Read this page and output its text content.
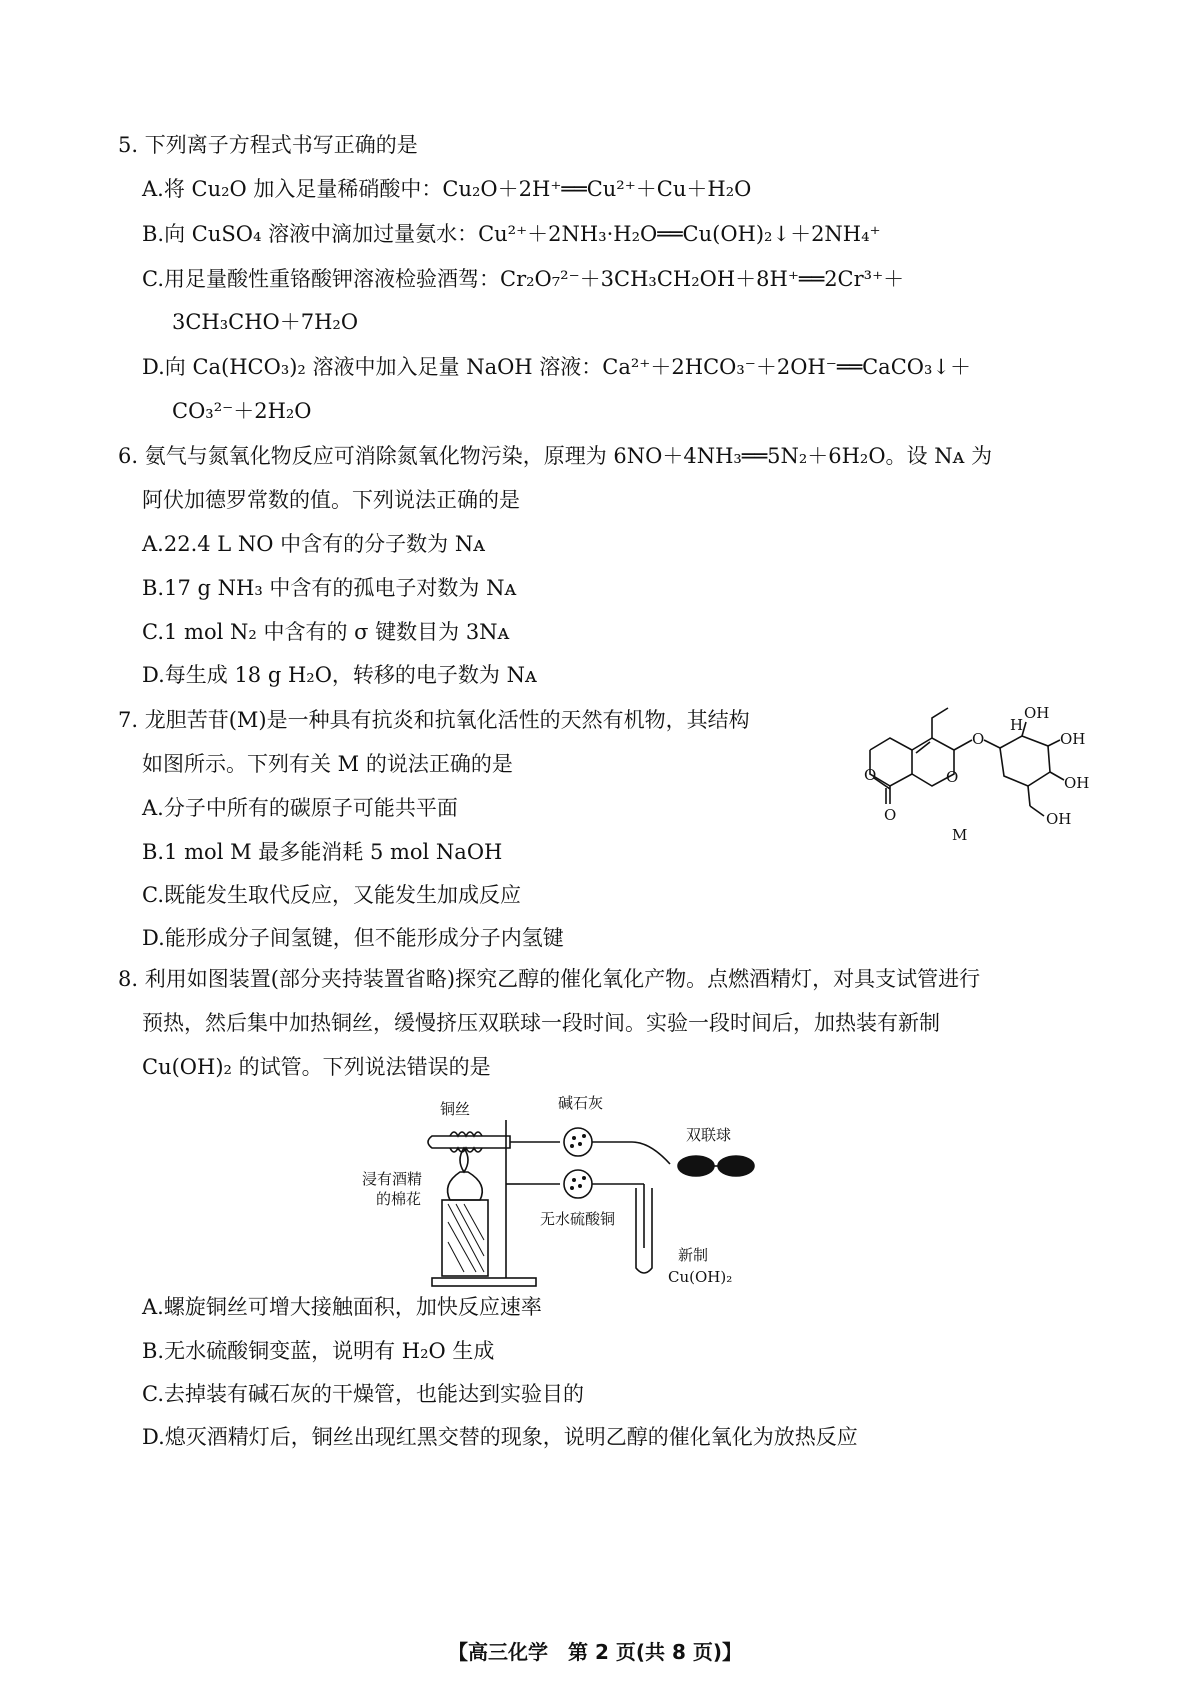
5. 下列离子方程式书写正确的是
A.将 Cu₂O 加入足量稀硝酸中：Cu₂O＋2H⁺══Cu²⁺＋Cu＋H₂O
B.向 CuSO₄ 溶液中滴加过量氨水：Cu²⁺＋2NH₃·H₂O══Cu(OH)₂↓＋2NH₄⁺
C.用足量酸性重铬酸钾溶液检验酒驾：Cr₂O₇²⁻＋3CH₃CH₂OH＋8H⁺══2Cr³⁺＋
3CH₃CHO＋7H₂O
D.向 Ca(HCO₃)₂ 溶液中加入足量 NaOH 溶液：Ca²⁺＋2HCO₃⁻＋2OH⁻══CaCO₃↓＋
CO₃²⁻＋2H₂O
6. 氨气与氮氧化物反应可消除氮氧化物污染，原理为 6NO＋4NH₃══5N₂＋6H₂O。设 Nᴀ 为
阿伏加德罗常数的值。下列说法正确的是
A.22.4 L NO 中含有的分子数为 Nᴀ
B.17 g NH₃ 中含有的孤电子对数为 Nᴀ
C.1 mol N₂ 中含有的 σ 键数目为 3Nᴀ
D.每生成 18 g H₂O，转移的电子数为 Nᴀ
7. 龙胆苦苷(M)是一种具有抗炎和抗氧化活性的天然有机物，其结构
如图所示。下列有关 M 的说法正确的是
A.分子中所有的碳原子可能共平面
B.1 mol M 最多能消耗 5 mol NaOH
C.既能发生取代反应，又能发生加成反应
D.能形成分子间氢键，但不能形成分子内氢键
O
O
O
O
H
OH
OH
OH
OH
M
8. 利用如图装置(部分夹持装置省略)探究乙醇的催化氧化产物。点燃酒精灯，对具支试管进行
预热，然后集中加热铜丝，缓慢挤压双联球一段时间。实验一段时间后，加热装有新制
Cu(OH)₂ 的试管。下列说法错误的是
铜丝	碱石灰
双联球
浸有酒精
的棉花
无水硫酸铜
新制
Cu(OH)₂
A.螺旋铜丝可增大接触面积，加快反应速率
B.无水硫酸铜变蓝，说明有 H₂O 生成
C.去掉装有碱石灰的干燥管，也能达到实验目的
D.熄灭酒精灯后，铜丝出现红黑交替的现象，说明乙醇的催化氧化为放热反应
【高三化学　第 2 页(共 8 页)】
